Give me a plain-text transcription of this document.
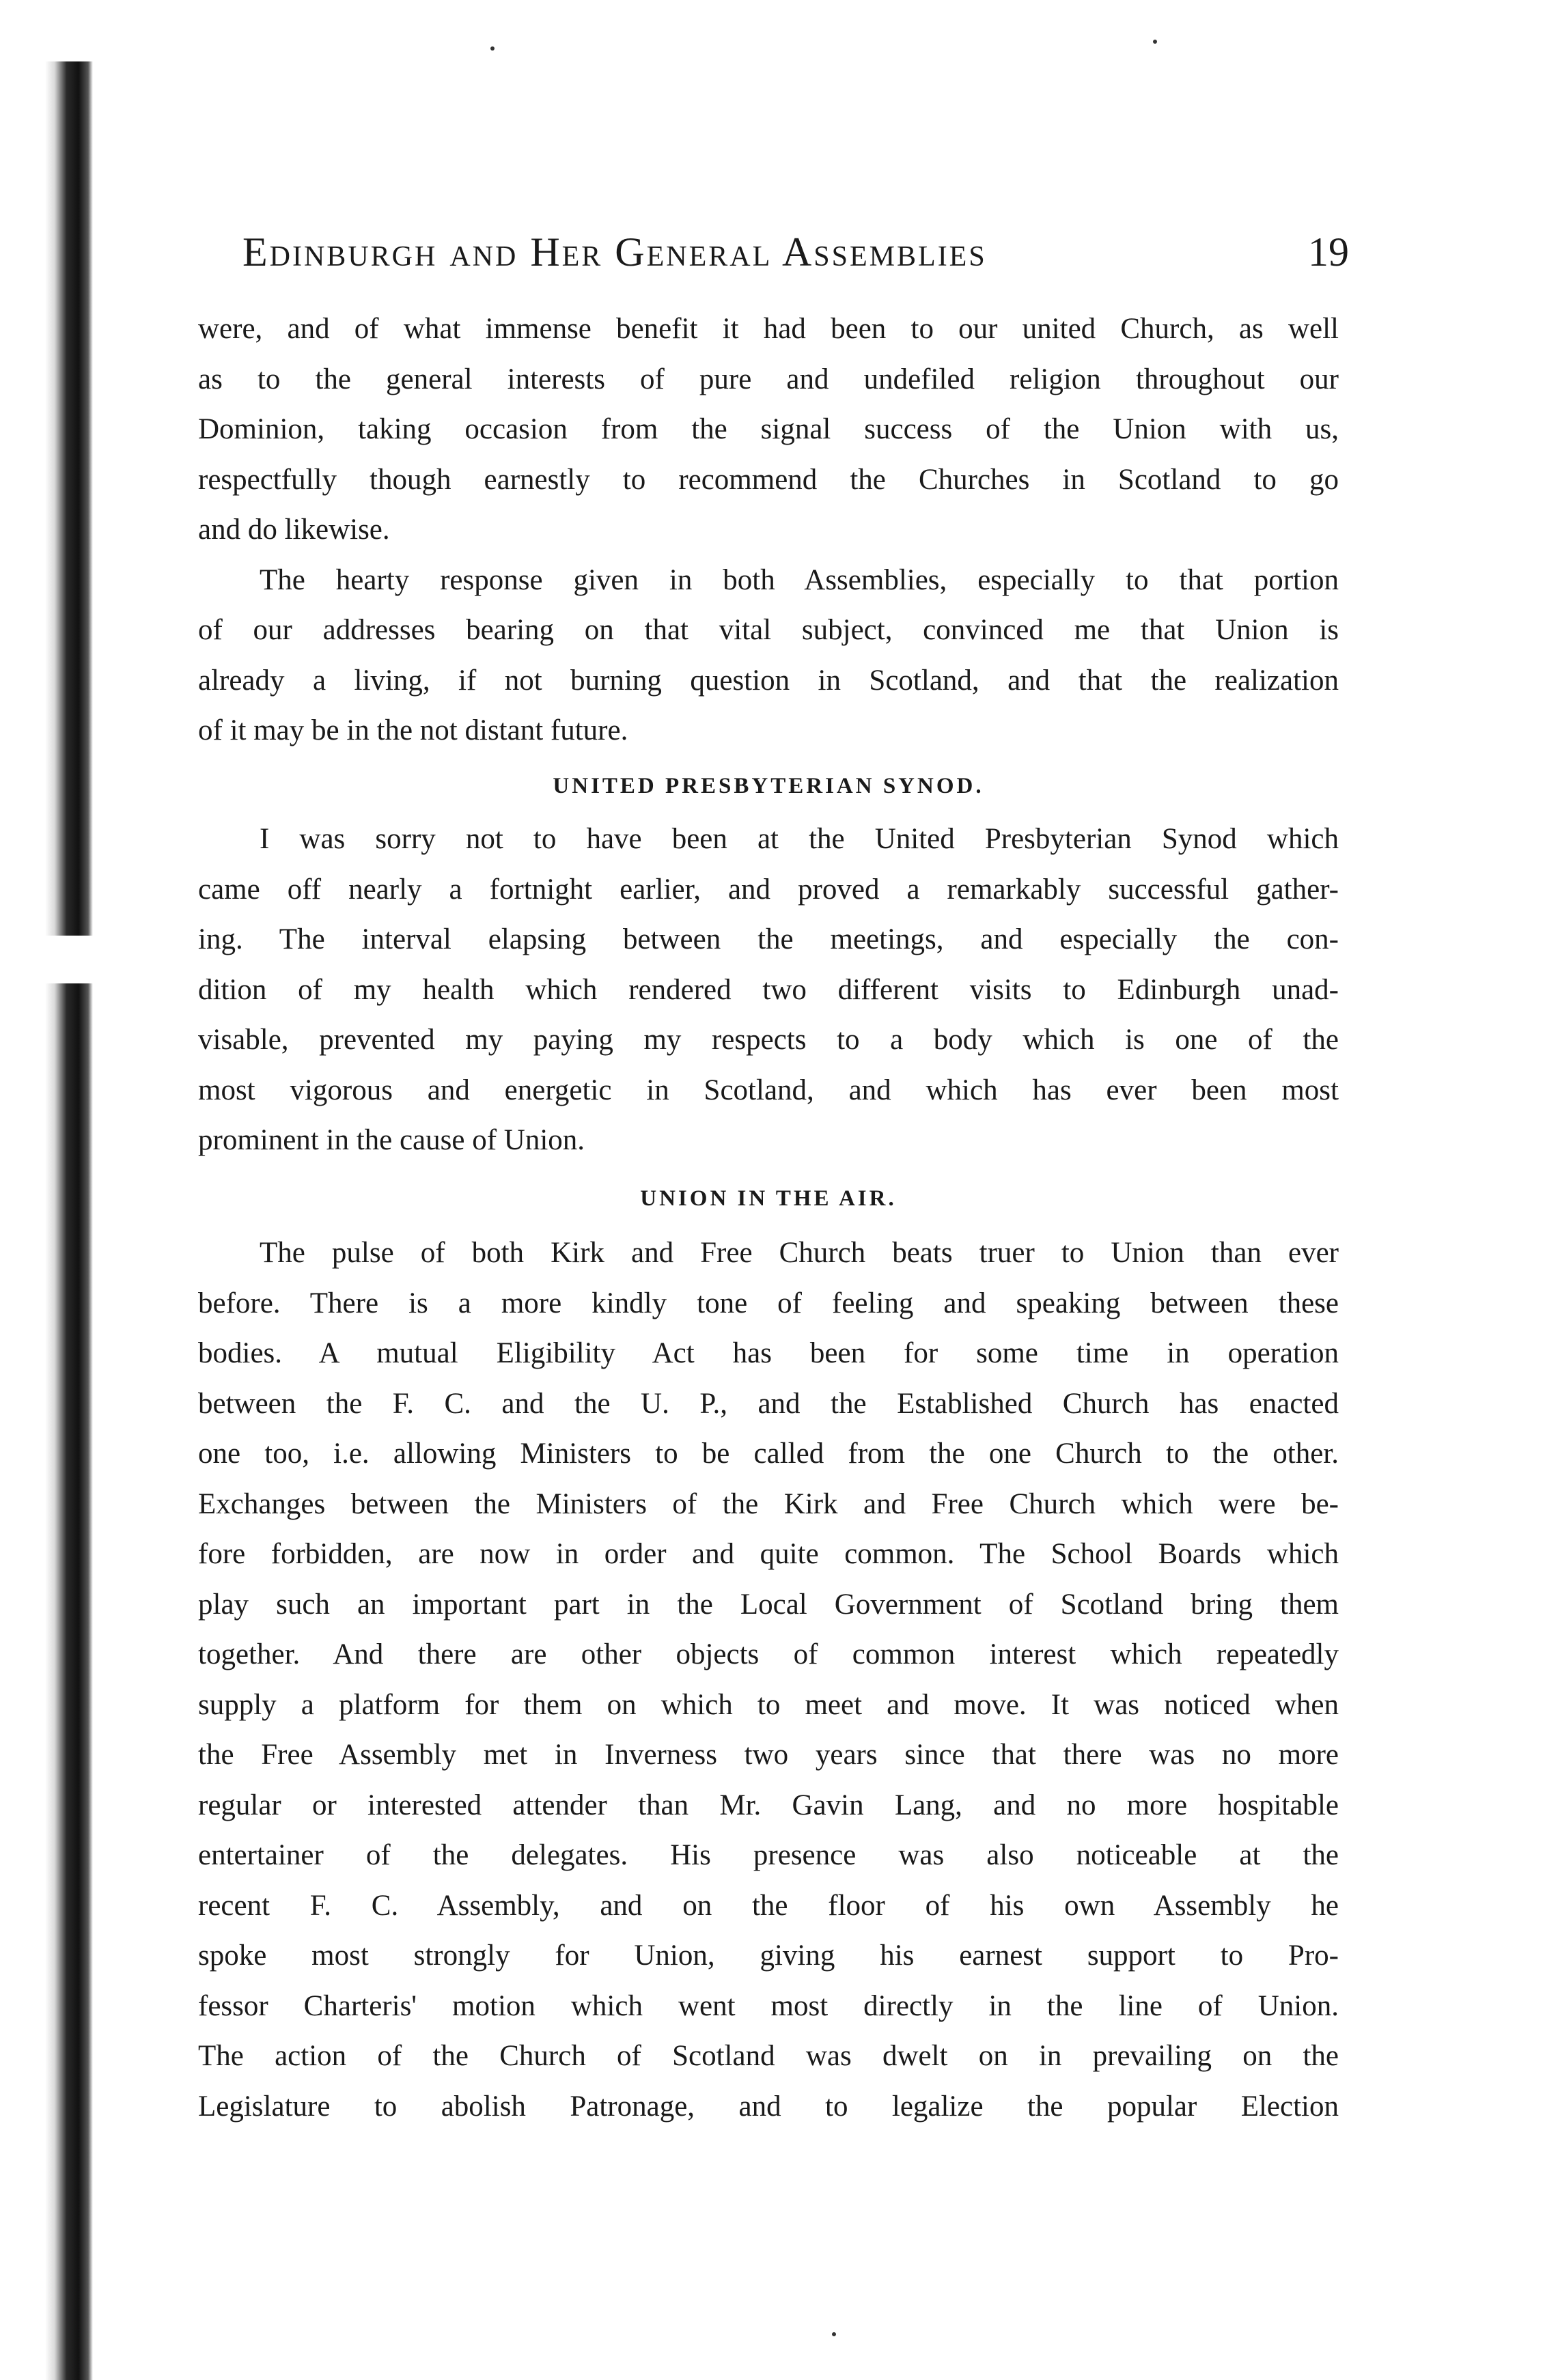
Edinburgh and Her General Assemblies	19

were, and of what immense benefit it had been to our united Church, as well
as to the general interests of pure and undefiled religion throughout our
Dominion, taking occasion from the signal success of the Union with us,
respectfully though earnestly to recommend the Churches in Scotland to go
and do likewise.

The hearty response given in both Assemblies, especially to that portion
of our addresses bearing on that vital subject, convinced me that Union is
already a living, if not burning question in Scotland, and that the realization
of it may be in the not distant future.

UNITED PRESBYTERIAN SYNOD.

I was sorry not to have been at the United Presbyterian Synod which
came off nearly a fortnight earlier, and proved a remarkably successful gather-
ing. The interval elapsing between the meetings, and especially the con-
dition of my health which rendered two different visits to Edinburgh unad-
visable, prevented my paying my respects to a body which is one of the
most vigorous and energetic in Scotland, and which has ever been most
prominent in the cause of Union.

UNION IN THE AIR.

The pulse of both Kirk and Free Church beats truer to Union than ever
before. There is a more kindly tone of feeling and speaking between these
bodies. A mutual Eligibility Act has been for some time in operation
between the F. C. and the U. P., and the Established Church has enacted
one too, i.e. allowing Ministers to be called from the one Church to the other.
Exchanges between the Ministers of the Kirk and Free Church which were be-
fore forbidden, are now in order and quite common. The School Boards which
play such an important part in the Local Government of Scotland bring them
together. And there are other objects of common interest which repeatedly
supply a platform for them on which to meet and move. It was noticed when
the Free Assembly met in Inverness two years since that there was no more
regular or interested attender than Mr. Gavin Lang, and no more hospitable
entertainer of the delegates. His presence was also noticeable at the
recent F. C. Assembly, and on the floor of his own Assembly he
spoke most strongly for Union, giving his earnest support to Pro-
fessor Charteris' motion which went most directly in the line of Union.
The action of the Church of Scotland was dwelt on in prevailing on the
Legislature to abolish Patronage, and to legalize the popular Election
